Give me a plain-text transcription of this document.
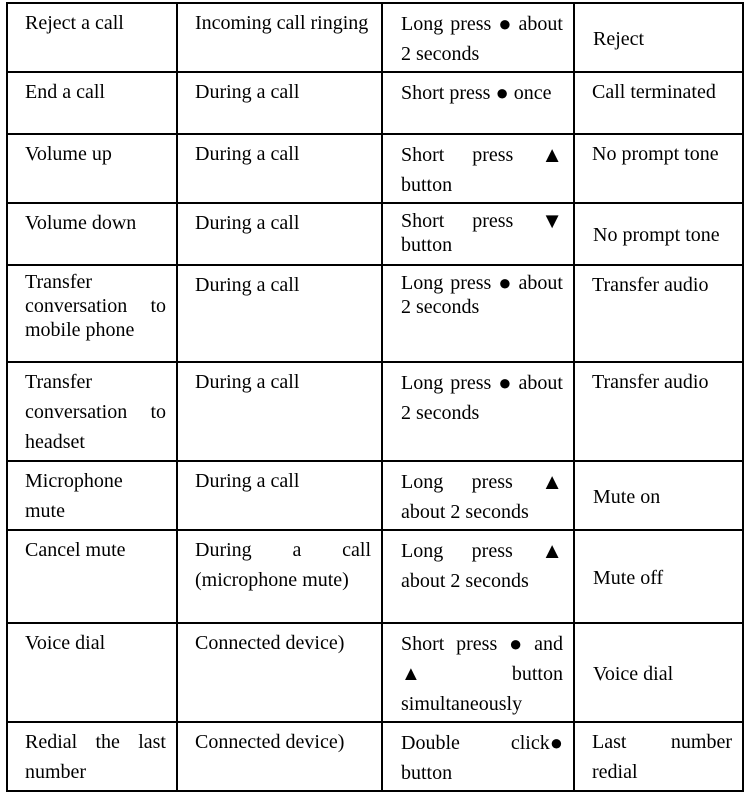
Reject a call	Incoming call ringing	Long press ● about 2 seconds	Reject
End a call	During a call	Short press ● once	Call terminated
Volume up	During a call	Short press ▲ button	No prompt tone
Volume down	During a call	Short press ▼ button	No prompt tone
Transfer conversation to mobile phone	During a call	Long press ● about 2 seconds	Transfer audio
Transfer conversation to headset	During a call	Long press ● about 2 seconds	Transfer audio
Microphone mute	During a call	Long press ▲ about 2 seconds	Mute on
Cancel mute	During a call (microphone mute)	Long press ▲ about 2 seconds	Mute off
Voice dial	Connected device)	Short press ● and ▲ button simultaneously	Voice dial
Redial the last number	Connected device)	Double click● button	Last number redial
